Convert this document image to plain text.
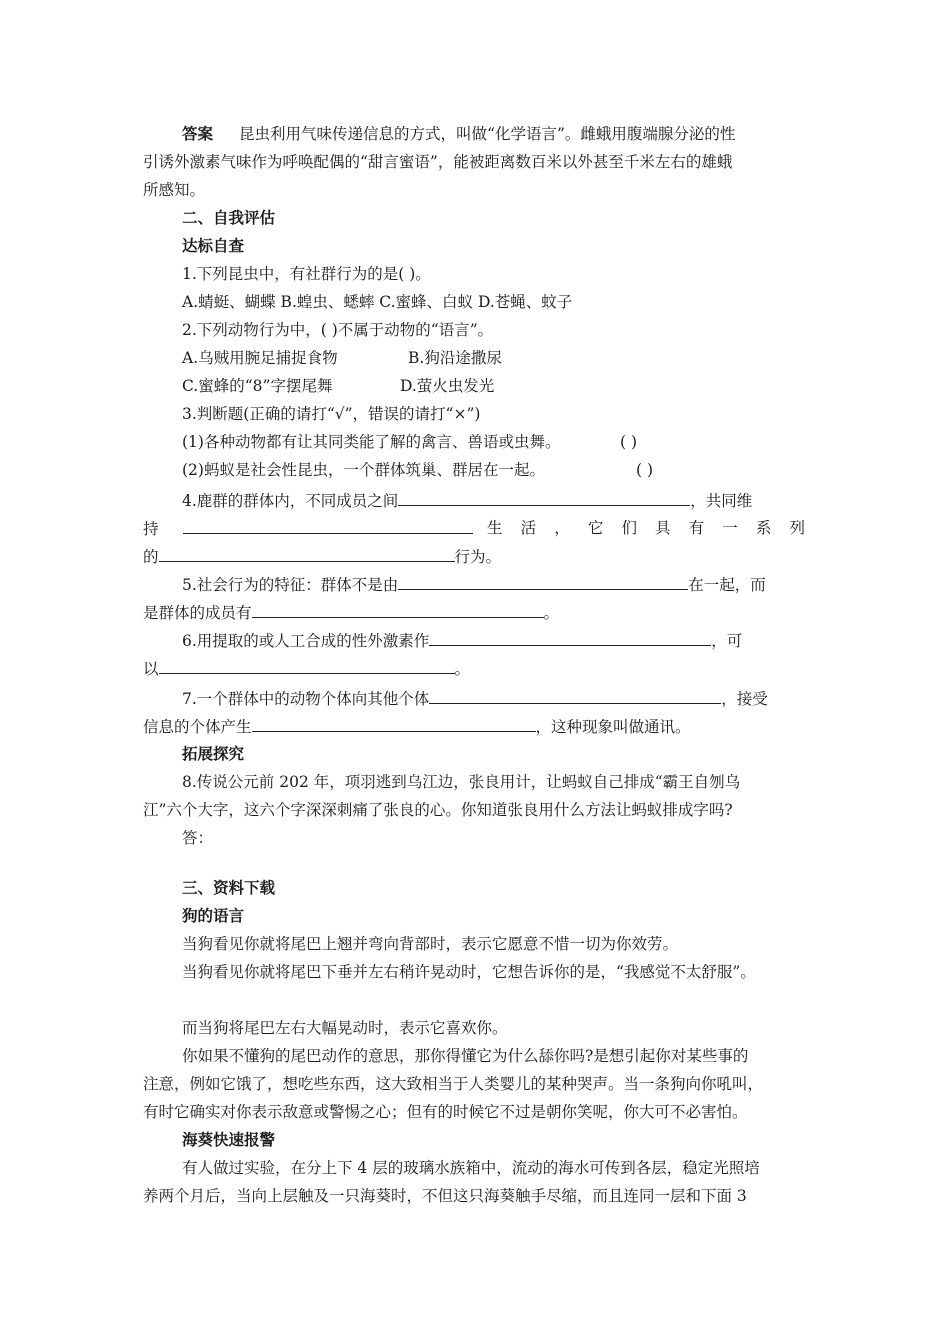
答案 昆虫利用气味传递信息的方式，叫做“化学语言”。雌蛾用腹端腺分泌的性
引诱外激素气味作为呼唤配偶的“甜言蜜语”，能被距离数百米以外甚至千米左右的雄蛾
所感知。
二、自我评估
达标自查
1.下列昆虫中，有社群行为的是( )。
A.蜻蜓、蝴蝶 B.蝗虫、蟋蟀 C.蜜蜂、白蚁 D.苍蝇、蚊子
2.下列动物行为中，( )不属于动物的“语言”。
A.乌贼用腕足捕捉食物	B.狗沿途撒尿
C.蜜蜂的“8”字摆尾舞	D.萤火虫发光
3.判断题(正确的请打“√”，错误的请打“×”)
(1)各种动物都有让其同类能了解的禽言、兽语或虫舞。	( )
(2)蚂蚁是社会性昆虫，一个群体筑巢、群居在一起。	( )
4.鹿群的群体内，不同成员之间	，共同维
持	生 活 ， 它 们 具 有 一 系 列
的	行为。
5.社会行为的特征：群体不是由	在一起，而
是群体的成员有	。
6.用提取的或人工合成的性外激素作	，可
以	。
7.一个群体中的动物个体向其他个体	，接受
信息的个体产生	，这种现象叫做通讯。
拓展探究
8.传说公元前 202 年，项羽逃到乌江边，张良用计，让蚂蚁自己排成“霸王自刎乌
江”六个大字，这六个字深深刺痛了张良的心。你知道张良用什么方法让蚂蚁排成字吗?
答：
三、资料下载
狗的语言
当狗看见你就将尾巴上翘并弯向背部时，表示它愿意不惜一切为你效劳。
当狗看见你就将尾巴下垂并左右稍许晃动时，它想告诉你的是，“我感觉不太舒服”。
而当狗将尾巴左右大幅晃动时，表示它喜欢你。
你如果不懂狗的尾巴动作的意思，那你得懂它为什么舔你吗?是想引起你对某些事的
注意，例如它饿了，想吃些东西，这大致相当于人类婴儿的某种哭声。当一条狗向你吼叫，
有时它确实对你表示敌意或警惕之心；但有的时候它不过是朝你笑呢，你大可不必害怕。
海葵快速报警
有人做过实验，在分上下 4 层的玻璃水族箱中，流动的海水可传到各层，稳定光照培
养两个月后，当向上层触及一只海葵时，不但这只海葵触手尽缩，而且连同一层和下面 3
